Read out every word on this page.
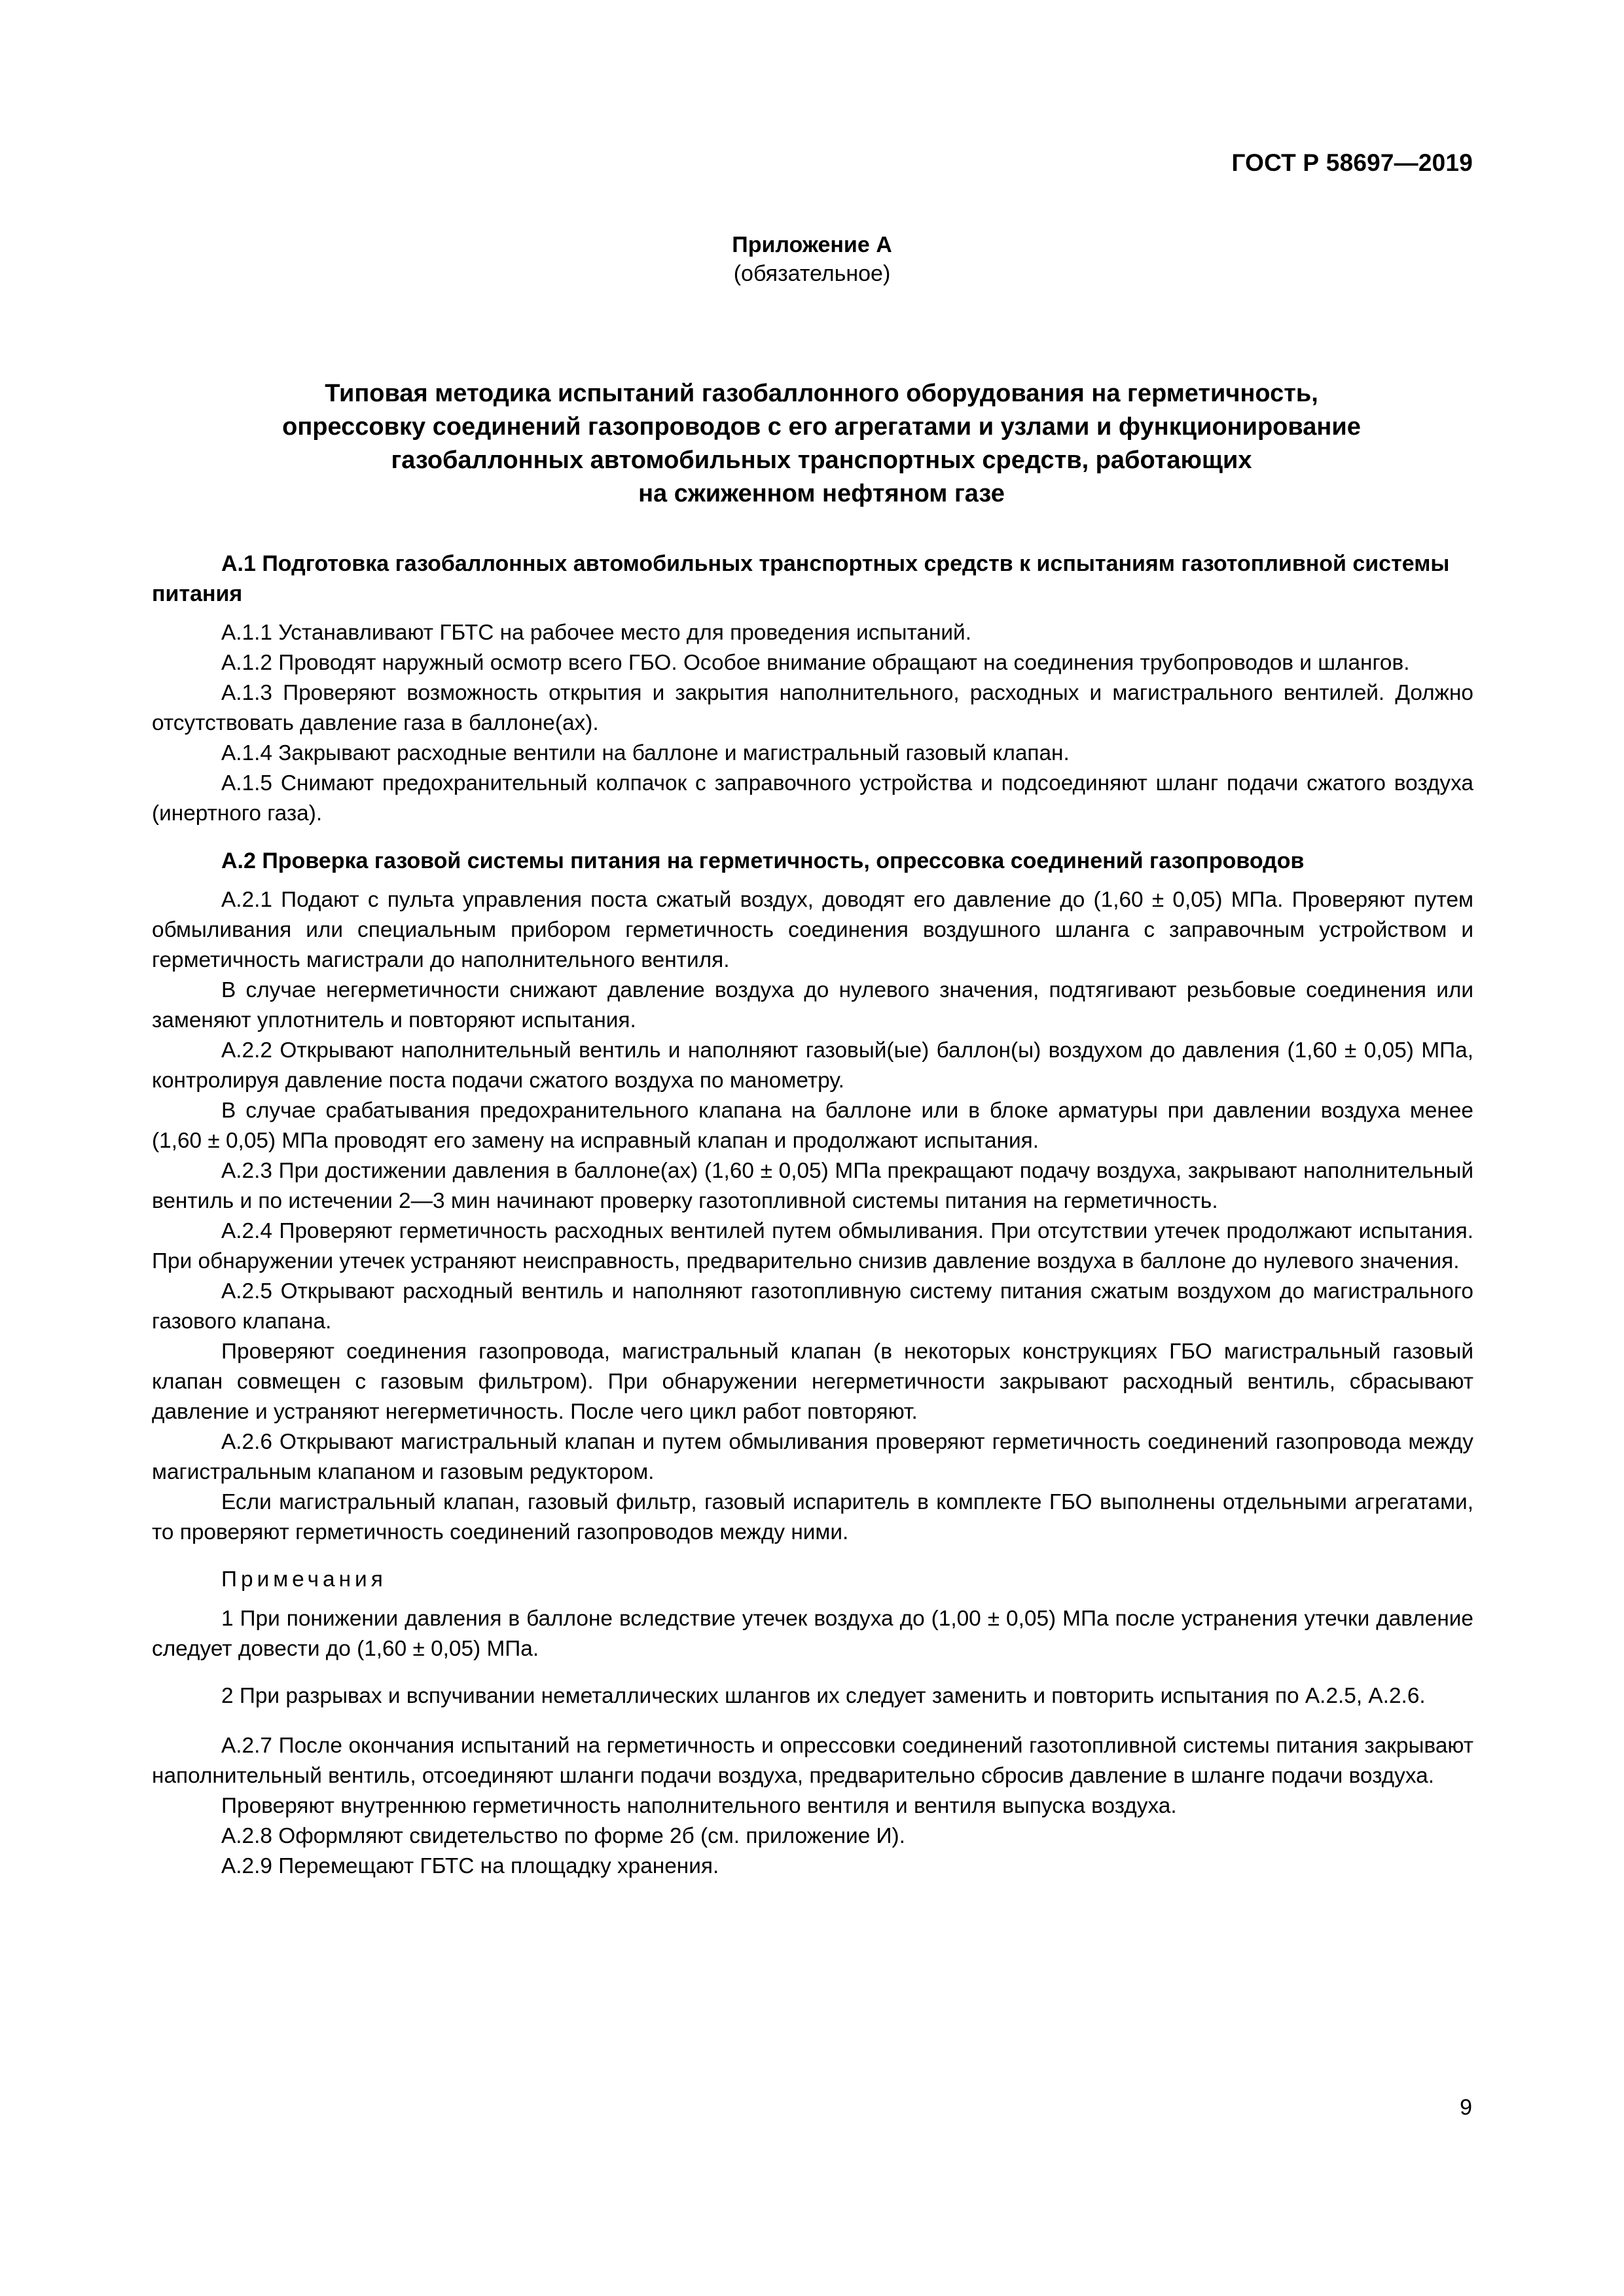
ГОСТ Р 58697—2019
Приложение А
(обязательное)
Типовая методика испытаний газобаллонного оборудования на герметичность,
опрессовку соединений газопроводов с его агрегатами и узлами и функционирование
газобаллонных автомобильных транспортных средств, работающих
на сжиженном нефтяном газе
А.1 Подготовка газобаллонных автомобильных транспортных средств к испытаниям газотопливной системы питания

А.1.1 Устанавливают ГБТС на рабочее место для проведения испытаний.

А.1.2 Проводят наружный осмотр всего ГБО. Особое внимание обращают на соединения трубопроводов и шлангов.

А.1.3 Проверяют возможность открытия и закрытия наполнительного, расходных и магистрального вентилей. Должно отсутствовать давление газа в баллоне(ах).

А.1.4 Закрывают расходные вентили на баллоне и магистральный газовый клапан.

А.1.5 Снимают предохранительный колпачок с заправочного устройства и подсоединяют шланг подачи сжатого воздуха (инертного газа).

А.2 Проверка газовой системы питания на герметичность, опрессовка соединений газопроводов

А.2.1 Подают с пульта управления поста сжатый воздух, доводят его давление до (1,60 ± 0,05) МПа. Проверяют путем обмыливания или специальным прибором герметичность соединения воздушного шланга с заправочным устройством и герметичность магистрали до наполнительного вентиля.

В случае негерметичности снижают давление воздуха до нулевого значения, подтягивают резьбовые соединения или заменяют уплотнитель и повторяют испытания.

А.2.2 Открывают наполнительный вентиль и наполняют газовый(ые) баллон(ы) воздухом до давления (1,60 ± 0,05) МПа, контролируя давление поста подачи сжатого воздуха по манометру.

В случае срабатывания предохранительного клапана на баллоне или в блоке арматуры при давлении воздуха менее (1,60 ± 0,05) МПа проводят его замену на исправный клапан и продолжают испытания.

А.2.3 При достижении давления в баллоне(ах) (1,60 ± 0,05) МПа прекращают подачу воздуха, закрывают наполнительный вентиль и по истечении 2—3 мин начинают проверку газотопливной системы питания на герметичность.

А.2.4 Проверяют герметичность расходных вентилей путем обмыливания. При отсутствии утечек продолжают испытания. При обнаружении утечек устраняют неисправность, предварительно снизив давление воздуха в баллоне до нулевого значения.

А.2.5 Открывают расходный вентиль и наполняют газотопливную систему питания сжатым воздухом до магистрального газового клапана.

Проверяют соединения газопровода, магистральный клапан (в некоторых конструкциях ГБО магистральный газовый клапан совмещен с газовым фильтром). При обнаружении негерметичности закрывают расходный вентиль, сбрасывают давление и устраняют негерметичность. После чего цикл работ повторяют.

А.2.6 Открывают магистральный клапан и путем обмыливания проверяют герметичность соединений газопровода между магистральным клапаном и газовым редуктором.

Если магистральный клапан, газовый фильтр, газовый испаритель в комплекте ГБО выполнены отдельными агрегатами, то проверяют герметичность соединений газопроводов между ними.

Примечания

1 При понижении давления в баллоне вследствие утечек воздуха до (1,00 ± 0,05) МПа после устранения утечки давление следует довести до (1,60 ± 0,05) МПа.

2 При разрывах и вспучивании неметаллических шлангов их следует заменить и повторить испытания по А.2.5, А.2.6.

А.2.7 После окончания испытаний на герметичность и опрессовки соединений газотопливной системы питания закрывают наполнительный вентиль, отсоединяют шланги подачи воздуха, предварительно сбросив давление в шланге подачи воздуха.

Проверяют внутреннюю герметичность наполнительного вентиля и вентиля выпуска воздуха.

А.2.8 Оформляют свидетельство по форме 2б (см. приложение И).

А.2.9 Перемещают ГБТС на площадку хранения.

9
